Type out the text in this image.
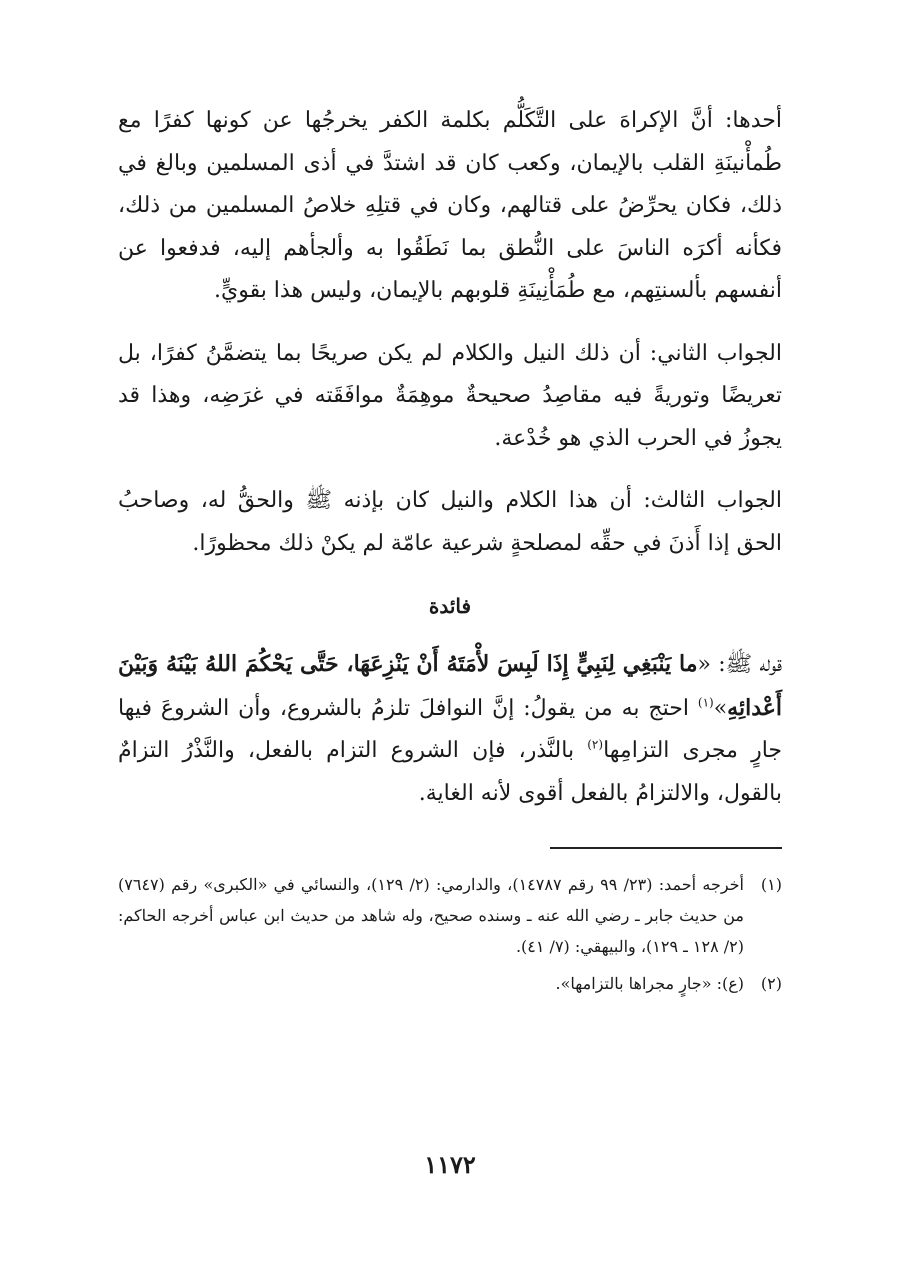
أحدها: أنَّ الإكراهَ على التَّكَلُّم بكلمة الكفر يخرجُها عن كونها كفرًا مع طُمأْنينَةِ القلب بالإيمان، وكعب كان قد اشتدَّ في أذى المسلمين وبالغ في ذلك، فكان يحرِّضُ على قتالهم، وكان في قتلِهِ خلاصُ المسلمين من ذلك، فكأنه أكرَه الناسَ على النُّطق بما نَطَقُوا به وألجأهم إليه، فدفعوا عن أنفسهم بألسنتِهم، مع طُمَأْنِينَةِ قلوبهم بالإيمان، وليس هذا بقويٍّ.

الجواب الثاني: أن ذلك النيل والكلام لم يكن صريحًا بما يتضمَّنُ كفرًا، بل تعريضًا وتوريةً فيه مقاصِدُ صحيحةٌ موهِمَةٌ موافَقَته في غرَضِه، وهذا قد يجوزُ في الحرب الذي هو خُدْعة.

الجواب الثالث: أن هذا الكلام والنيل كان بإذنه ﷺ والحقُّ له، وصاحبُ الحق إذا أَذنَ في حقِّه لمصلحةٍ شرعية عامّة لم يكنْ ذلك محظورًا.

فائدة

قوله ﷺ: «ما يَنْبَغِي لِنَبِيٍّ إِذَا لَبِسَ لأْمَتَهُ أَنْ يَنْزِعَهَا، حَتَّى يَحْكُمَ اللهُ بَيْنَهُ وَبَيْنَ أَعْدائِهِ»$^{(١)}$ احتج به من يقولُ: إنَّ النوافلَ تلزمُ بالشروع، وأن الشروعَ فيها جارٍ مجرى التزامِها$^{(٢)}$ بالنَّذر، فإن الشروع التزام بالفعل، والنَّذْرُ التزامٌ بالقول، والالتزامُ بالفعل أقوى لأنه الغاية.

(١)
أخرجه أحمد: (٢٣/ ٩٩ رقم ١٤٧٨٧)، والدارمي: (٢/ ١٢٩)، والنسائي في «الكبرى» رقم (٧٦٤٧) من حديث جابر ـ رضي الله عنه ـ وسنده صحيح، وله شاهد من حديث ابن عباس أخرجه الحاكم: (٢/ ١٢٨ ـ ١٢٩)، والبيهقي: (٧/ ٤١).
(٢)
(ع): «جارٍ مجراها بالتزامها».
١١٧٢
